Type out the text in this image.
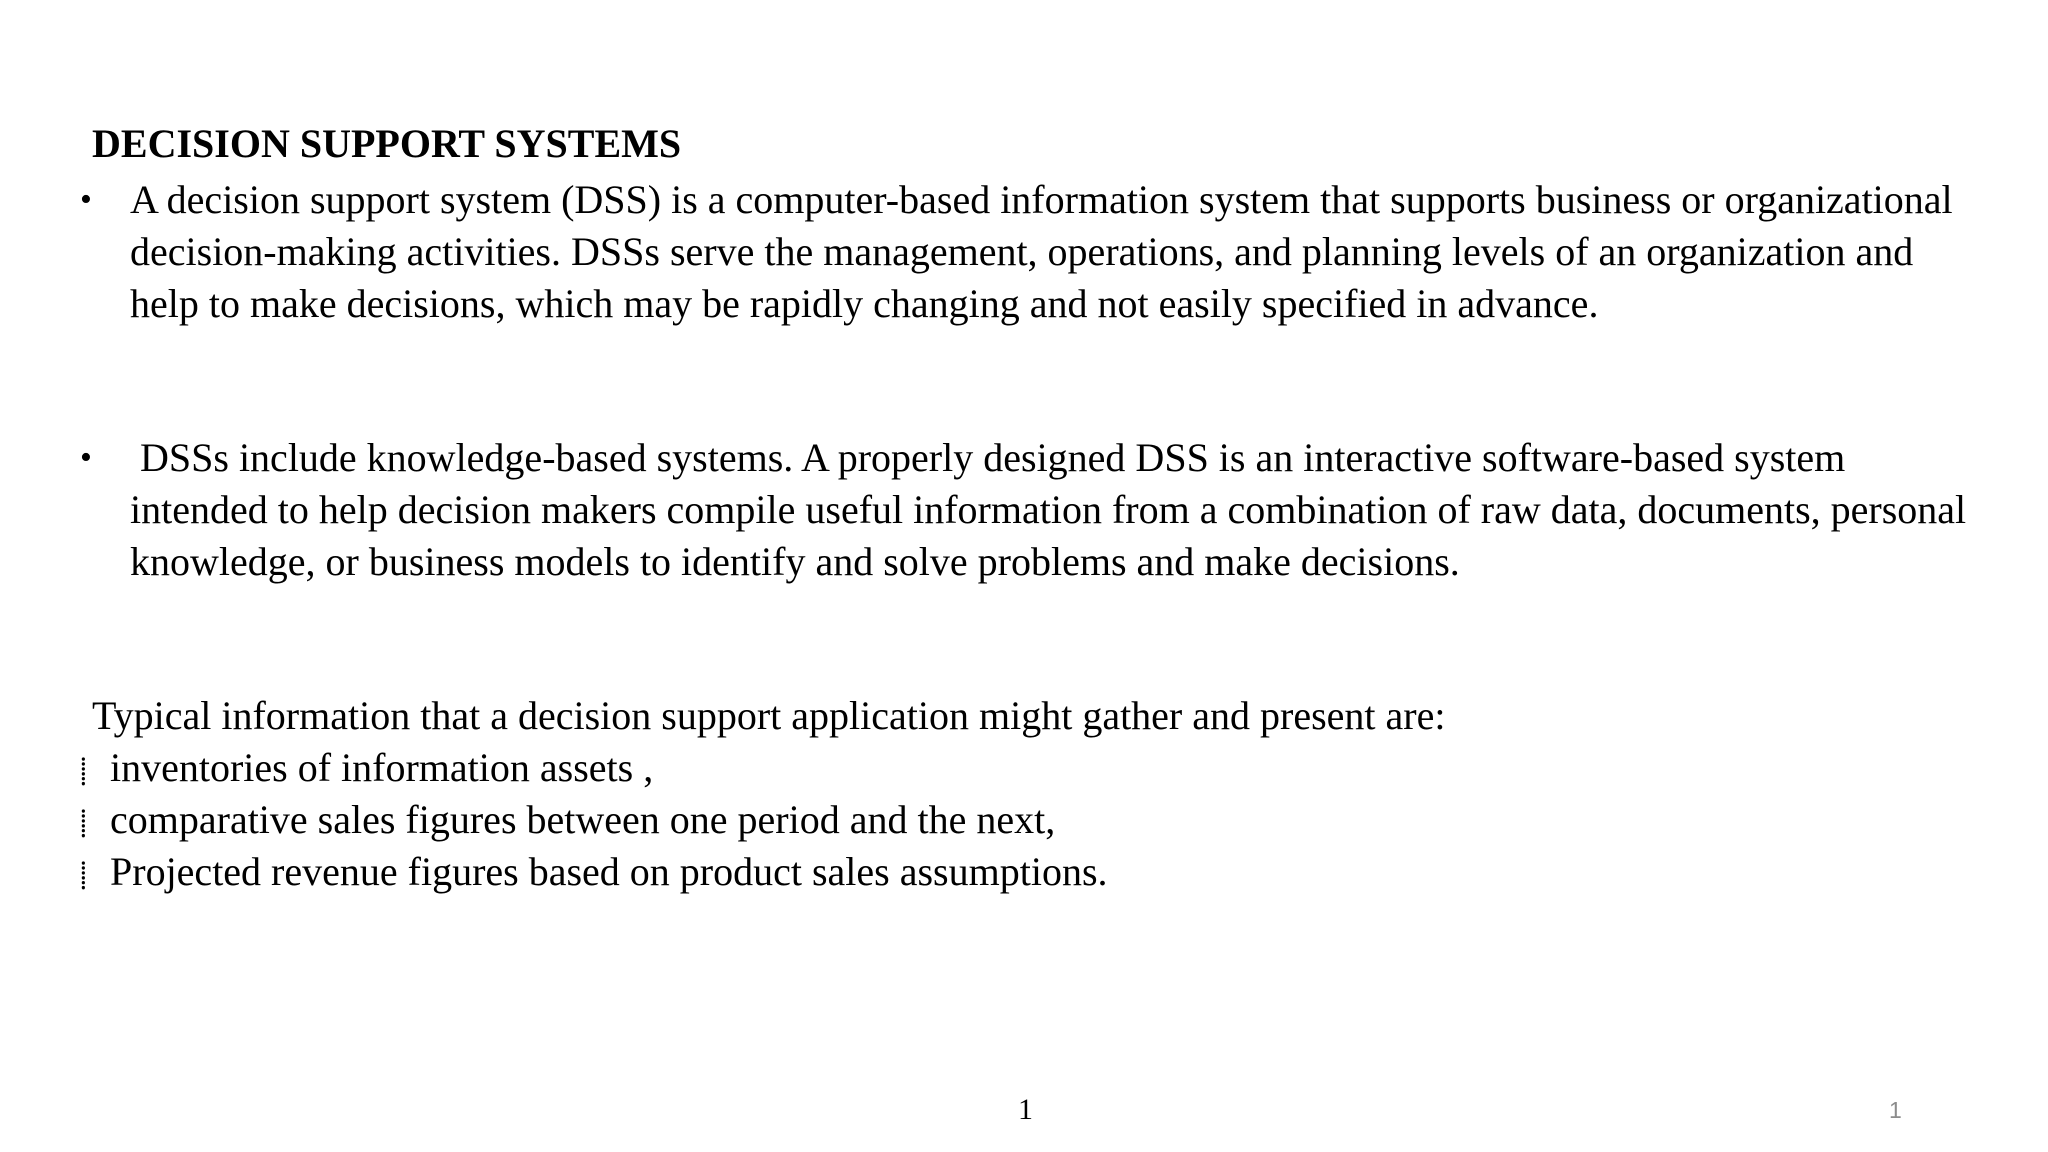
DECISION SUPPORT SYSTEMS
• A decision support system (DSS) is a computer-based information system that supports business or organizational decision-making activities. DSSs serve the management, operations, and planning levels of an organization and help to make decisions, which may be rapidly changing and not easily specified in advance.
• DSSs include knowledge-based systems. A properly designed DSS is an interactive software-based system intended to help decision makers compile useful information from a combination of raw data, documents, personal knowledge, or business models to identify and solve problems and make decisions.
Typical information that a decision support application might gather and present are:
⸽ inventories of information assets ,
⸽ comparative sales figures between one period and the next,
⸽ Projected revenue figures based on product sales assumptions.
1	1
